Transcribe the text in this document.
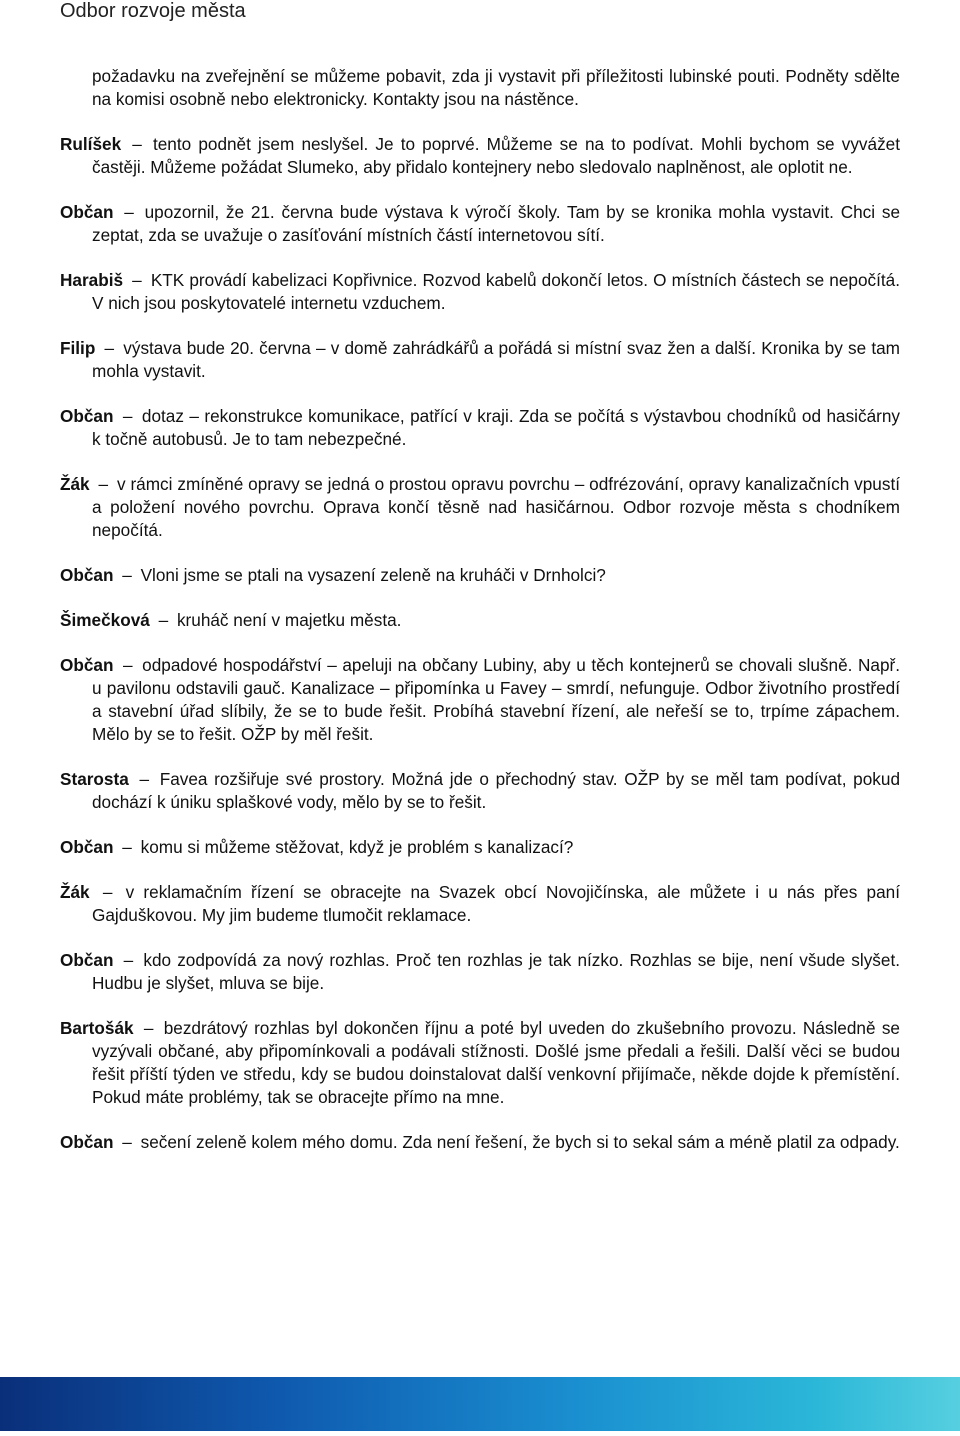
Odbor rozvoje města

požadavku na zveřejnění se můžeme pobavit, zda ji vystavit při příležitosti lubinské pouti. Podněty sdělte na komisi osobně nebo elektronicky. Kontakty jsou na nástěnce.

Rulíšek – tento podnět jsem neslyšel. Je to poprvé. Můžeme se na to podívat. Mohli bychom se vyvážet častěji. Můžeme požádat Slumeko, aby přidalo kontejnery nebo sledovalo naplněnost, ale oplotit ne.

Občan – upozornil, že 21. června bude výstava k výročí školy. Tam by se kronika mohla vystavit. Chci se zeptat, zda se uvažuje o zasíťování místních částí internetovou sítí.

Harabiš – KTK provádí kabelizaci Kopřivnice. Rozvod kabelů dokončí letos. O místních částech se nepočítá. V nich jsou poskytovatelé internetu vzduchem.

Filip – výstava bude 20. června – v domě zahrádkářů a pořádá si místní svaz žen a další. Kronika by se tam mohla vystavit.

Občan – dotaz – rekonstrukce komunikace, patřící v kraji. Zda se počítá s výstavbou chodníků od hasičárny k točně autobusů. Je to tam nebezpečné.

Žák – v rámci zmíněné opravy se jedná o prostou opravu povrchu – odfrézování, opravy kanalizačních vpustí a položení nového povrchu. Oprava končí těsně nad hasičárnou. Odbor rozvoje města s chodníkem nepočítá.

Občan – Vloni jsme se ptali na vysazení zeleně na kruháči v Drnholci?

Šimečková – kruháč není v majetku města.

Občan – odpadové hospodářství – apeluji na občany Lubiny, aby u těch kontejnerů se chovali slušně. Např. u pavilonu odstavili gauč. Kanalizace – připomínka u Favey – smrdí, nefunguje. Odbor životního prostředí a stavební úřad slíbily, že se to bude řešit. Probíhá stavební řízení, ale neřeší se to, trpíme zápachem. Mělo by se to řešit. OŽP by měl řešit.

Starosta – Favea rozšiřuje své prostory. Možná jde o přechodný stav. OŽP by se měl tam podívat, pokud dochází k úniku splaškové vody, mělo by se to řešit.

Občan – komu si můžeme stěžovat, když je problém s kanalizací?

Žák – v reklamačním řízení se obracejte na Svazek obcí Novojičínska, ale můžete i u nás přes paní Gajduškovou. My jim budeme tlumočit reklamace.

Občan – kdo zodpovídá za nový rozhlas. Proč ten rozhlas je tak nízko. Rozhlas se bije, není všude slyšet. Hudbu je slyšet, mluva se bije.

Bartošák – bezdrátový rozhlas byl dokončen říjnu a poté byl uveden do zkušebního provozu. Následně se vyzývali občané, aby připomínkovali a podávali stížnosti. Došlé jsme předali a řešili. Další věci se budou řešit příští týden ve středu, kdy se budou doinstalovat další venkovní přijímače, někde dojde k přemístění. Pokud máte problémy, tak se obracejte přímo na mne.

Občan – sečení zeleně kolem mého domu. Zda není řešení, že bych si to sekal sám a méně platil za odpady.
